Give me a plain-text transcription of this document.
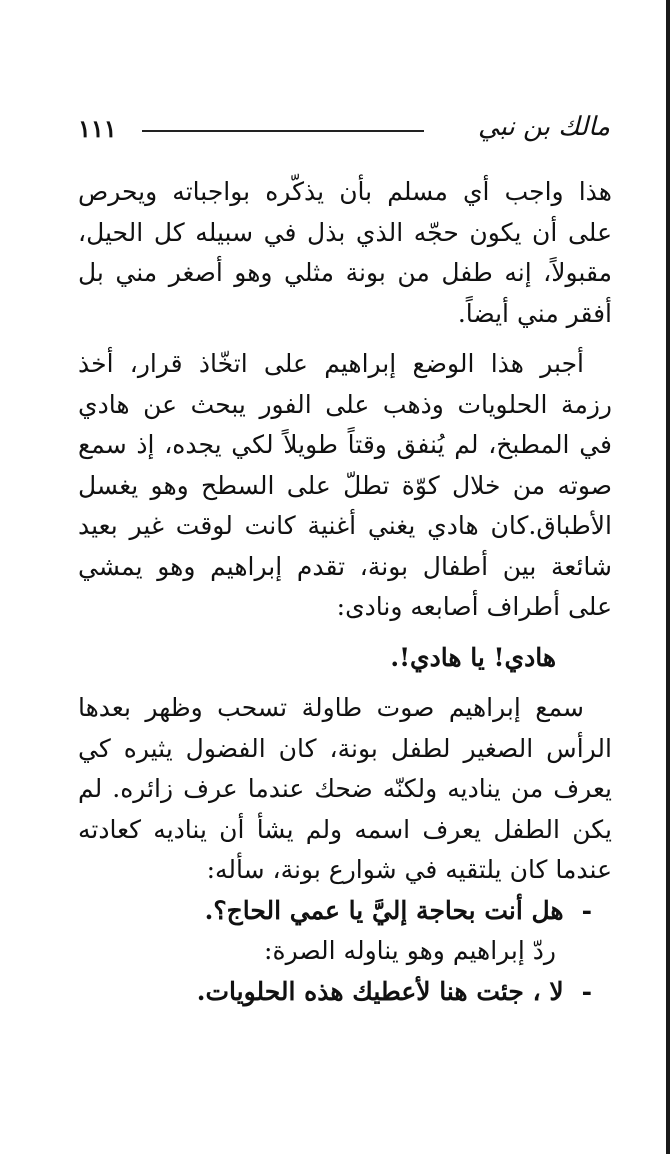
١١١	مالك بن نبي

هذا واجب أي مسلم بأن يذكّره بواجباته ويحرص على أن يكون حجّه الذي بذل في سبيله كل الحيل، مقبولاً، إنه طفل من بونة مثلي وهو أصغر مني بل أفقر مني أيضاً.

أجبر هذا الوضع إبراهيم على اتخّاذ قرار، أخذ رزمة الحلويات وذهب على الفور يبحث عن هادي في المطبخ، لم يُنفق وقتاً طويلاً لكي يجده، إذ سمع صوته من خلال كوّة تطلّ على السطح وهو يغسل الأطباق.كان هادي يغني أغنية كانت لوقت غير بعيد شائعة بين أطفال بونة، تقدم إبراهيم وهو يمشي على أطراف أصابعه ونادى:

هادي! يا هادي!.

سمع إبراهيم صوت طاولة تسحب وظهر بعدها الرأس الصغير لطفل بونة، كان الفضول يثيره كي يعرف من يناديه ولكنّه ضحك عندما عرف زائره. لم يكن الطفل يعرف اسمه ولم يشأ أن يناديه كعادته عندما كان يلتقيه في شوارع بونة، سأله:

-هل أنت بحاجة إليَّ يا عمي الحاج؟.

ردّ إبراهيم وهو يناوله الصرة:

-لا ، جئت هنا لأعطيك هذه الحلويات.
